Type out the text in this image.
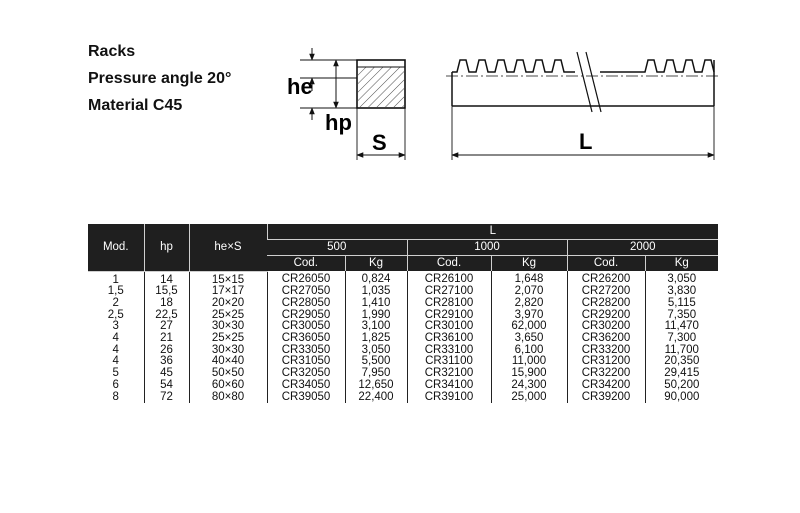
Racks
Pressure angle 20°
Material C45
he
hp
S	L
Mod.	hp	he×S	L					
			500		1000		2000	
			Cod.	Kg	Cod.	Kg	Cod.	Kg
1	14	15×15	CR26050	0,824	CR26100	1,648	CR26200	3,050
1,5	15,5	17×17	CR27050	1,035	CR27100	2,070	CR27200	3,830
2	18	20×20	CR28050	1,410	CR28100	2,820	CR28200	5,115
2,5	22,5	25×25	CR29050	1,990	CR29100	3,970	CR29200	7,350
3	27	30×30	CR30050	3,100	CR30100	62,000	CR30200	11,470
4	21	25×25	CR36050	1,825	CR36100	3,650	CR36200	7,300
4	26	30×30	CR33050	3,050	CR33100	6,100	CR33200	11,700
4	36	40×40	CR31050	5,500	CR31100	11,000	CR31200	20,350
5	45	50×50	CR32050	7,950	CR32100	15,900	CR32200	29,415
6	54	60×60	CR34050	12,650	CR34100	24,300	CR34200	50,200
8	72	80×80	CR39050	22,400	CR39100	25,000	CR39200	90,000
